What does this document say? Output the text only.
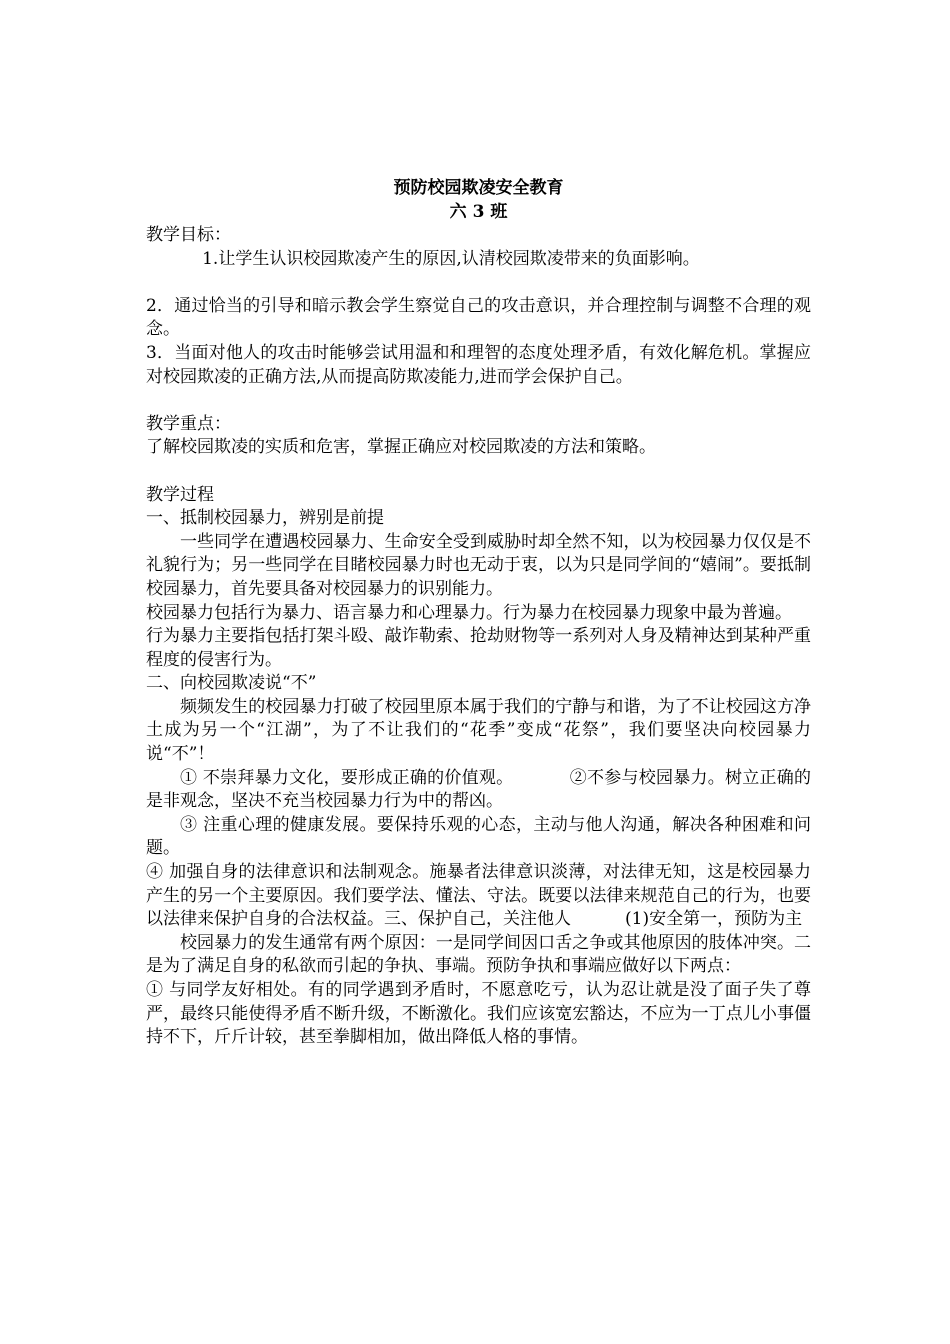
预防校园欺凌安全教育
六 3 班

教学目标：

1.让学生认识校园欺凌产生的原因,认清校园欺凌带来的负面影响。

2．通过恰当的引导和暗示教会学生察觉自己的攻击意识，并合理控制与调整不合理的观念。

3．当面对他人的攻击时能够尝试用温和和理智的态度处理矛盾，有效化解危机。掌握应对校园欺凌的正确方法,从而提高防欺凌能力,进而学会保护自己。

教学重点：

了解校园欺凌的实质和危害，掌握正确应对校园欺凌的方法和策略。

教学过程

一、抵制校园暴力，辨别是前提

一些同学在遭遇校园暴力、生命安全受到威胁时却全然不知，以为校园暴力仅仅是不礼貌行为；另一些同学在目睹校园暴力时也无动于衷，以为只是同学间的“嬉闹”。要抵制校园暴力，首先要具备对校园暴力的识别能力。

校园暴力包括行为暴力、语言暴力和心理暴力。行为暴力在校园暴力现象中最为普遍。

行为暴力主要指包括打架斗殴、敲诈勒索、抢劫财物等一系列对人身及精神达到某种严重程度的侵害行为。

二、向校园欺凌说“不”

频频发生的校园暴力打破了校园里原本属于我们的宁静与和谐，为了不让校园这方净土成为另一个“江湖”，为了不让我们的“花季”变成“花祭”，我们要坚决向校园暴力说“不”！

① 不崇拜暴力文化，要形成正确的价值观。          ②不参与校园暴力。树立正确的是非观念，坚决不充当校园暴力行为中的帮凶。

③ 注重心理的健康发展。要保持乐观的心态，主动与他人沟通，解决各种困难和问题。

④ 加强自身的法律意识和法制观念。施暴者法律意识淡薄，对法律无知，这是校园暴力产生的另一个主要原因。我们要学法、懂法、守法。既要以法律来规范自己的行为，也要以法律来保护自身的合法权益。三、保护自己，关注他人          (1)安全第一，预防为主

校园暴力的发生通常有两个原因：一是同学间因口舌之争或其他原因的肢体冲突。二是为了满足自身的私欲而引起的争执、事端。预防争执和事端应做好以下两点：

① 与同学友好相处。有的同学遇到矛盾时，不愿意吃亏，认为忍让就是没了面子失了尊严，最终只能使得矛盾不断升级，不断激化。我们应该宽宏豁达，不应为一丁点儿小事僵持不下，斤斤计较，甚至拳脚相加，做出降低人格的事情。
